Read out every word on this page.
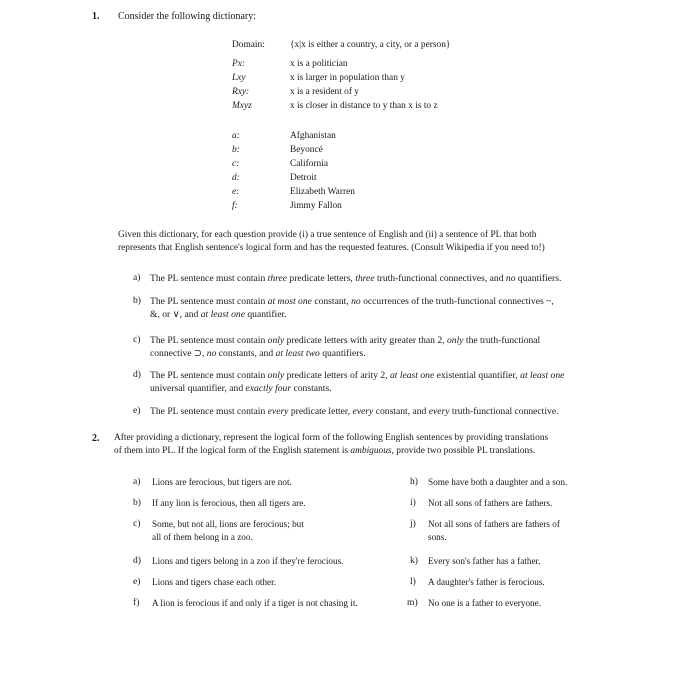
1. Consider the following dictionary:
Domain:	{x|x is either a country, a city, or a person}
Px:	x is a politician
Lxy	x is larger in population than y
Rxy:	x is a resident of y
Mxyz	x is closer in distance to y than x is to z
a:	Afghanistan
b:	Beyoncé
c:	California
d:	Detroit
e:	Elizabeth Warren
f:	Jimmy Fallon
Given this dictionary, for each question provide (i) a true sentence of English and (ii) a sentence of PL that both
represents that English sentence's logical form and has the requested features. (Consult Wikipedia if you need to!)
a) The PL sentence must contain three predicate letters, three truth-functional connectives, and no quantifiers.
b) The PL sentence must contain at most one constant, no occurrences of the truth-functional connectives ~,
&, or ∨, and at least one quantifier.
c) The PL sentence must contain only predicate letters with arity greater than 2, only the truth-functional
connective ⊃, no constants, and at least two quantifiers.
d) The PL sentence must contain only predicate letters of arity 2, at least one existential quantifier, at least one
universal quantifier, and exactly four constants.
e) The PL sentence must contain every predicate letter, every constant, and every truth-functional connective.
2. After providing a dictionary, represent the logical form of the following English sentences by providing translations
of them into PL. If the logical form of the English statement is ambiguous, provide two possible PL translations.
a) Lions are ferocious, but tigers are not.
b) If any lion is ferocious, then all tigers are.
c) Some, but not all, lions are ferocious; but
all of them belong in a zoo.
d) Lions and tigers belong in a zoo if they're ferocious.
e) Lions and tigers chase each other.
f) A lion is ferocious if and only if a tiger is not chasing it.
h) Some have both a daughter and a son.
i) Not all sons of fathers are fathers.
j) Not all sons of fathers are fathers of
sons.
k) Every son's father has a father.
l) A daughter's father is ferocious.
m) No one is a father to everyone.
